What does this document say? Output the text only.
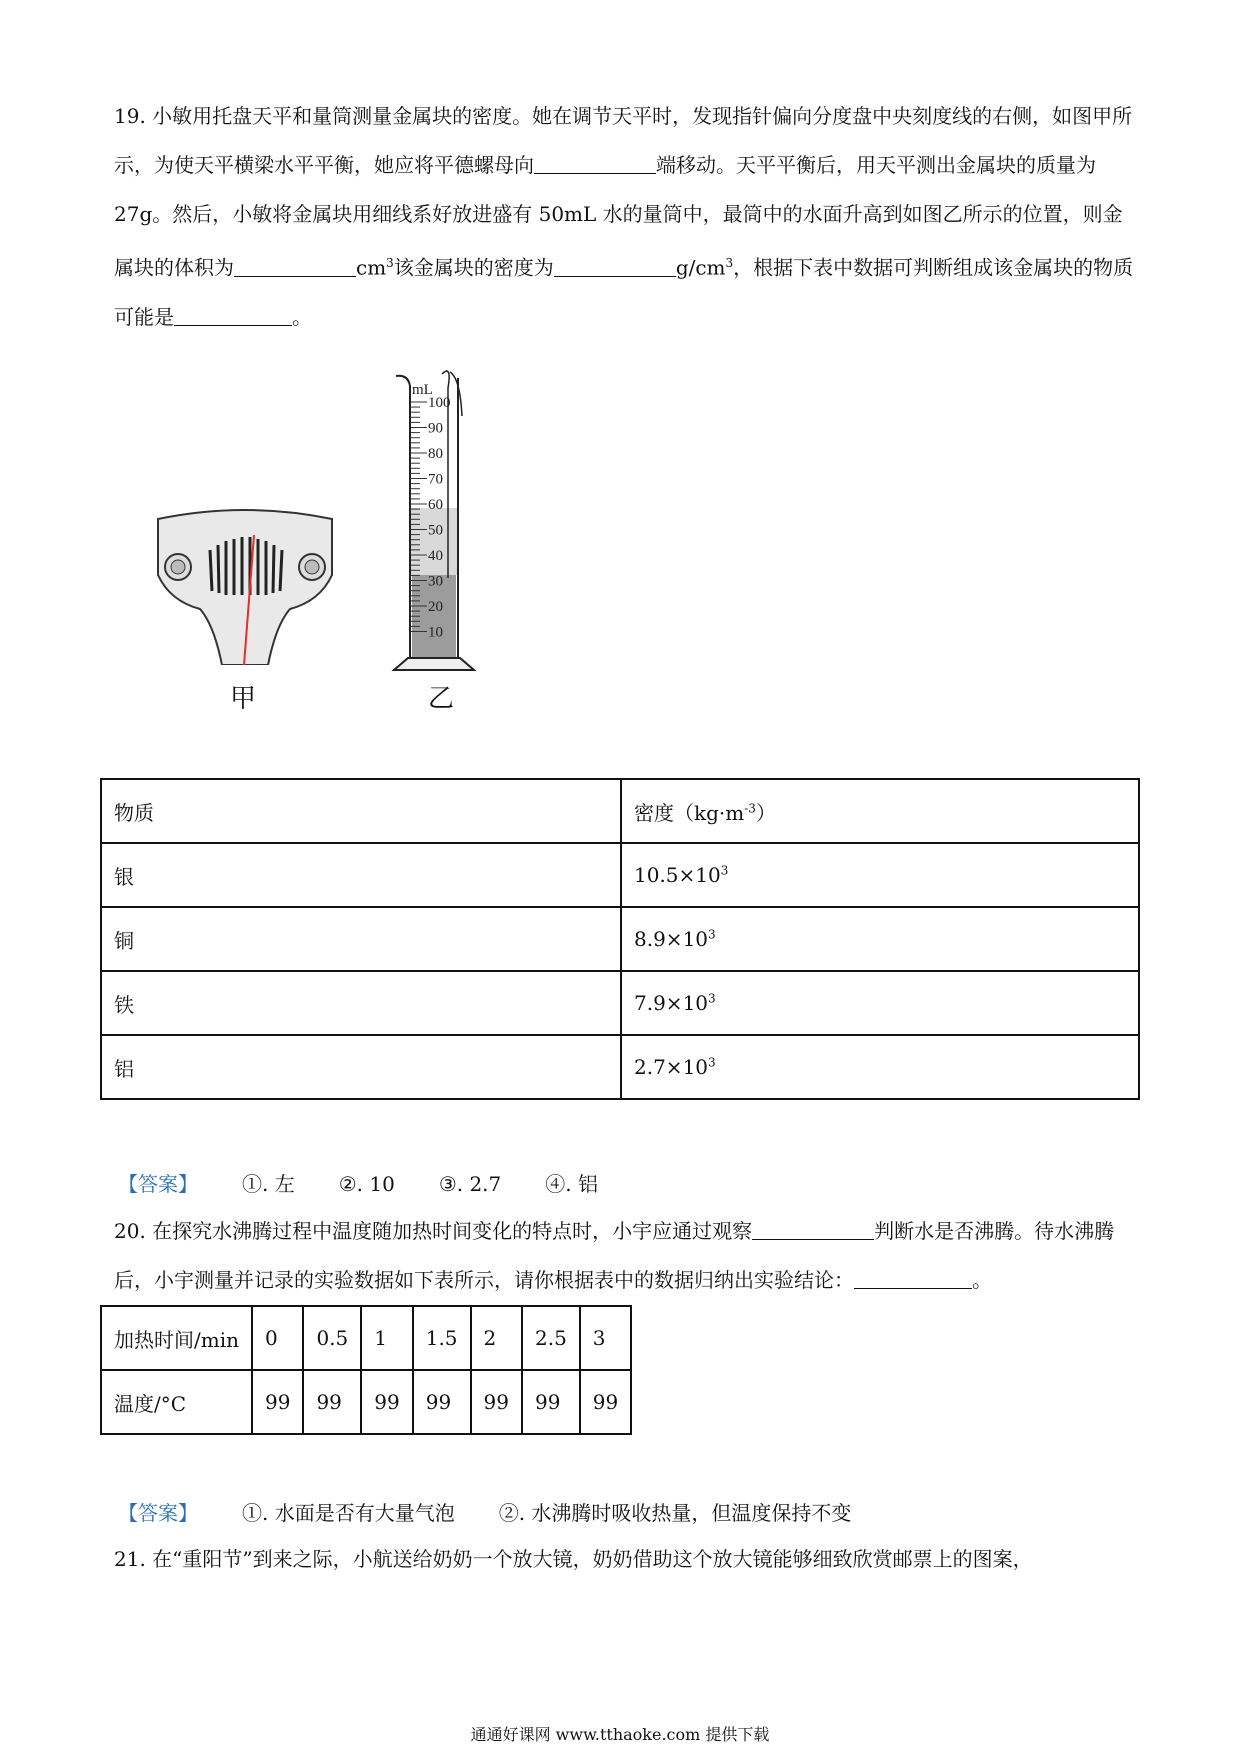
19. 小敏用托盘天平和量筒测量金属块的密度。她在调节天平时，发现指针偏向分度盘中央刻度线的右侧，如图甲所示，为使天平横梁水平平衡，她应将平德螺母向	端移动。天平平衡后，用天平测出金属块的质量为 27g。然后，小敏将金属块用细线系好放进盛有 50mL 水的量筒中，最筒中的水面升高到如图乙所示的位置，则金属块的体积为	$cm^3$该金属块的密度为	$g/cm^3$，根据下表中数据可判断组成该金属块的物质可能是	。
甲
mL
100
90
80
70
60
50
40
30
20
10
乙
物质	密度$(kg\cdot m^{-3})$
银	$10.5\times 10^3$
铜	$8.9\times 10^3$
铁	$7.9\times 10^3$
铝	$2.7\times 10^3$
【答案】 ①. 左 ②. 10 ③. 2.7 ④. 铝
20. 在探究水沸腾过程中温度随加热时间变化的特点时，小宇应通过观察	判断水是否沸腾。待水沸腾后，小宇测量并记录的实验数据如下表所示，请你根据表中的数据归纳出实验结论：	。
加热时间/min	0	0.5	1	1.5	2	2.5	3
温度/°C	99	99	99	99	99	99	99
【答案】 ①. 水面是否有大量气泡 ②. 水沸腾时吸收热量，但温度保持不变
21. 在“重阳节”到来之际，小航送给奶奶一个放大镜，奶奶借助这个放大镜能够细致欣赏邮票上的图案，
通通好课网 www.tthaoke.com 提供下载
